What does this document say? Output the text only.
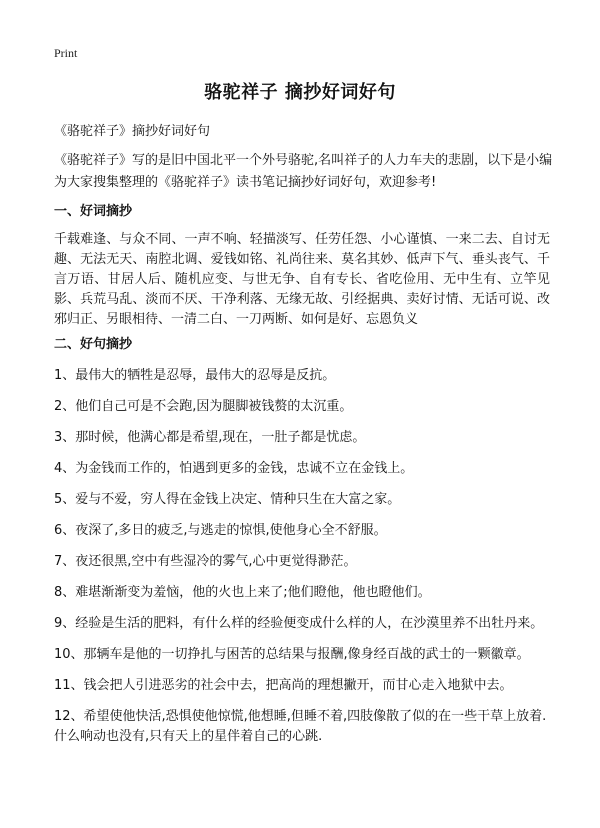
Print
骆驼祥子 摘抄好词好句

《骆驼祥子》摘抄好词好句

《骆驼祥子》写的是旧中国北平一个外号骆驼,名叫祥子的人力车夫的悲剧，以下是小编为大家搜集整理的《骆驼祥子》读书笔记摘抄好词好句，欢迎参考!

一、好词摘抄

千载难逢、与众不同、一声不响、轻描淡写、任劳任怨、小心谨慎、一来二去、自讨无趣、无法无天、南腔北调、爱钱如铭、礼尚往来、莫名其妙、低声下气、垂头丧气、千言万语、甘居人后、随机应变、与世无争、自有专长、省吃俭用、无中生有、立竿见影、兵荒马乱、淡而不厌、干净利落、无缘无故、引经据典、卖好讨情、无话可说、改邪归正、另眼相待、一清二白、一刀两断、如何是好、忘恩负义

二、好句摘抄
1、最伟大的牺牲是忍辱，最伟大的忍辱是反抗。
2、他们自己可是不会跑,因为腿脚被钱赘的太沉重。
3、那时候，他满心都是希望,现在，一肚子都是忧虑。
4、为金钱而工作的，怕遇到更多的金钱，忠诚不立在金钱上。
5、爱与不爱，穷人得在金钱上决定、情种只生在大富之家。
6、夜深了,多日的疲乏,与逃走的惊惧,使他身心全不舒服。
7、夜还很黑,空中有些湿冷的雾气,心中更觉得渺茫。
8、难堪渐渐变为羞恼，他的火也上来了;他们瞪他，他也瞪他们。
9、经验是生活的肥料，有什么样的经验便变成什么样的人，在沙漠里养不出牡丹来。
10、那辆车是他的一切挣扎与困苦的总结果与报酬,像身经百战的武士的一颗徽章。
11、钱会把人引进恶劣的社会中去，把高尚的理想撇开，而甘心走入地狱中去。
12、希望使他快活,恐惧使他惊慌,他想睡,但睡不着,四肢像散了似的在一些干草上放着.什么响动也没有,只有天上的星伴着自己的心跳.
